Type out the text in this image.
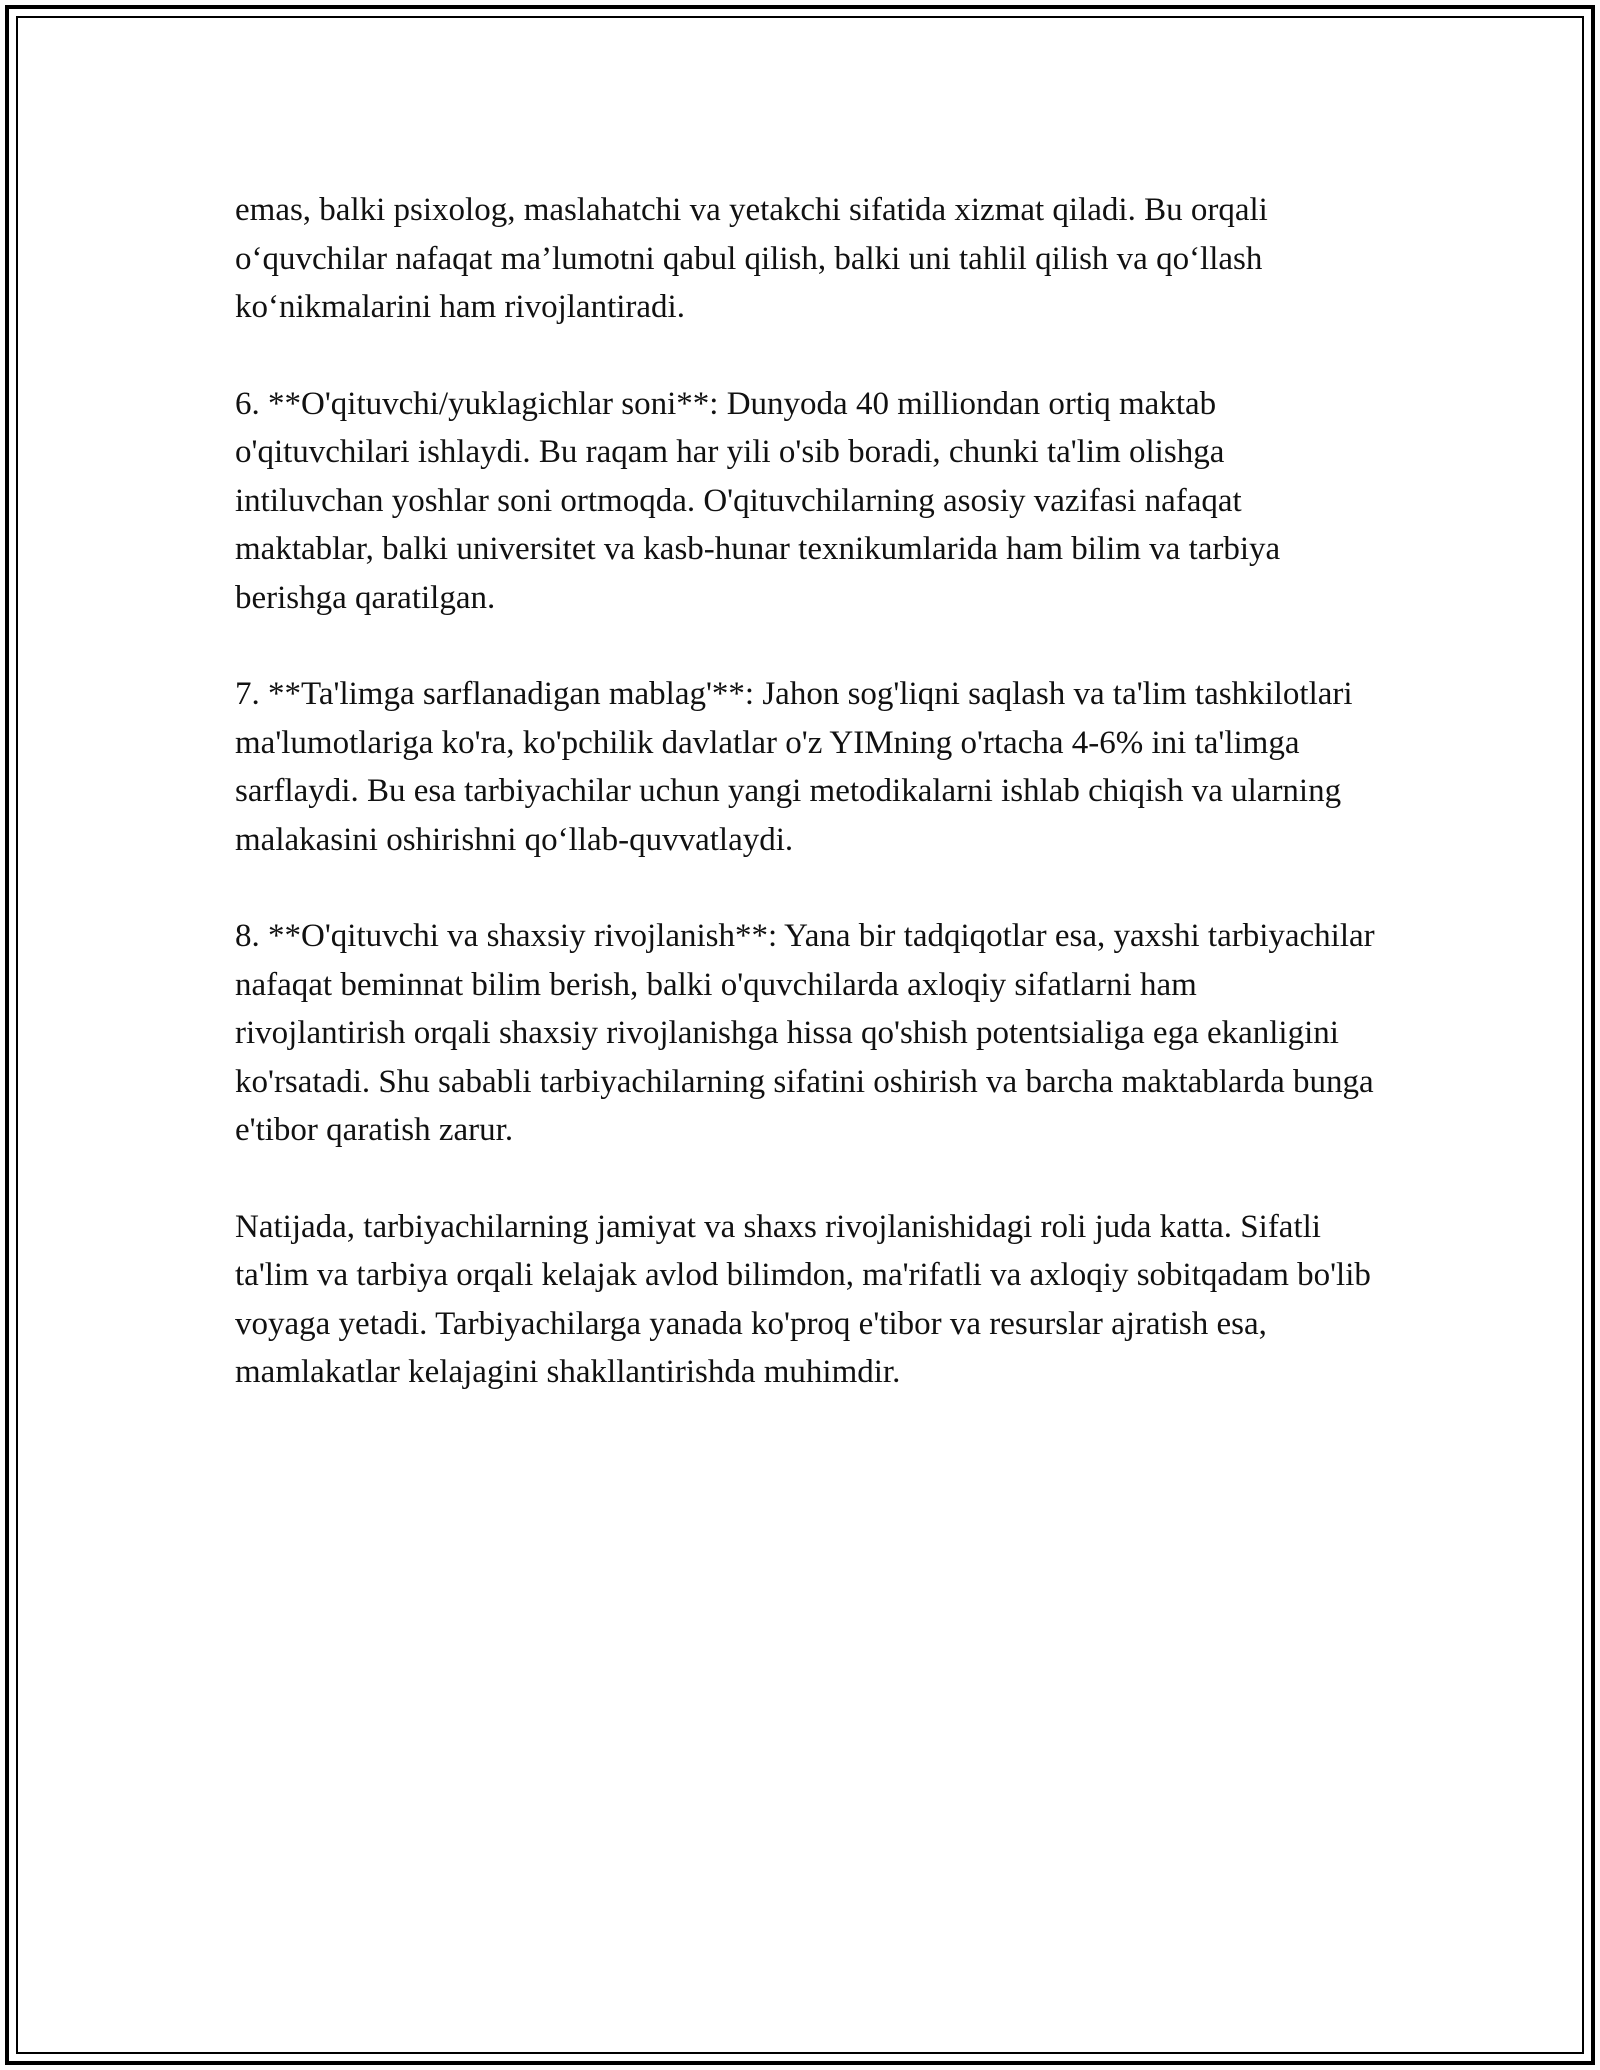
emas, balki psixolog, maslahatchi va yetakchi sifatida xizmat qiladi. Bu orqali o‘quvchilar nafaqat ma’lumotni qabul qilish, balki uni tahlil qilish va qo‘llash ko‘nikmalarini ham rivojlantiradi.

6. **O'qituvchi/yuklagichlar soni**: Dunyoda 40 milliondan ortiq maktab o'qituvchilari ishlaydi. Bu raqam har yili o'sib boradi, chunki ta'lim olishga intiluvchan yoshlar soni ortmoqda. O'qituvchilarning asosiy vazifasi nafaqat maktablar, balki universitet va kasb-hunar texnikumlarida ham bilim va tarbiya berishga qaratilgan.

7. **Ta'limga sarflanadigan mablag'**: Jahon sog'liqni saqlash va ta'lim tashkilotlari ma'lumotlariga ko'ra, ko'pchilik davlatlar o'z YIMning o'rtacha 4-6% ini ta'limga sarflaydi. Bu esa tarbiyachilar uchun yangi metodikalarni ishlab chiqish va ularning malakasini oshirishni qo‘llab-quvvatlaydi.

8. **O'qituvchi va shaxsiy rivojlanish**: Yana bir tadqiqotlar esa, yaxshi tarbiyachilar nafaqat beminnat bilim berish, balki o'quvchilarda axloqiy sifatlarni ham rivojlantirish orqali shaxsiy rivojlanishga hissa qo'shish potentsialiga ega ekanligini ko'rsatadi. Shu sababli tarbiyachilarning sifatini oshirish va barcha maktablarda bunga e'tibor qaratish zarur.

Natijada, tarbiyachilarning jamiyat va shaxs rivojlanishidagi roli juda katta. Sifatli ta'lim va tarbiya orqali kelajak avlod bilimdon, ma'rifatli va axloqiy sobitqadam bo'lib voyaga yetadi. Tarbiyachilarga yanada ko'proq e'tibor va resurslar ajratish esa, mamlakatlar kelajagini shakllantirishda muhimdir.
